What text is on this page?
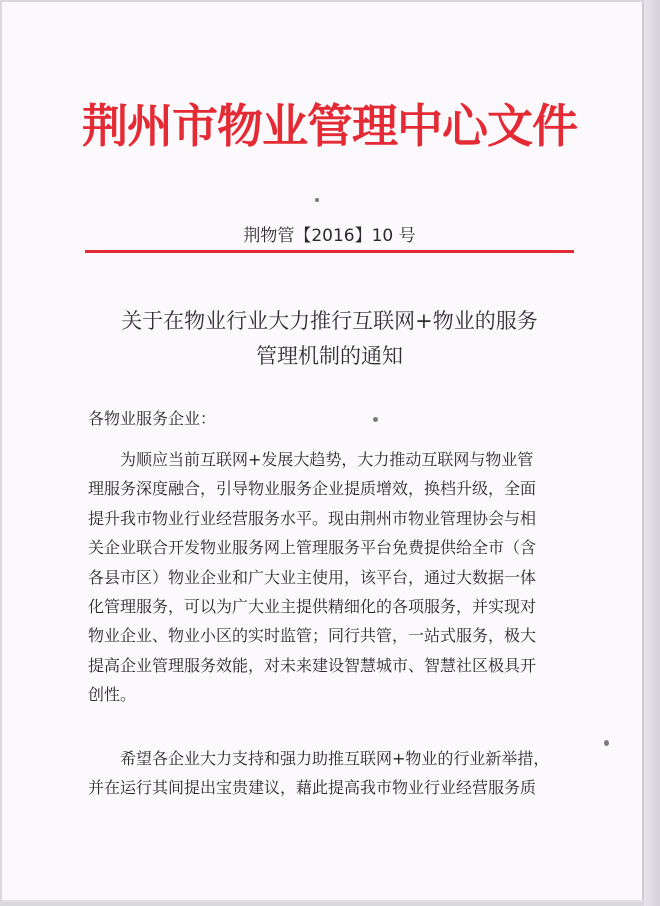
荆州市物业管理中心文件
荆物管【2016】10 号
关于在物业行业大力推行互联网+物业的服务
管理机制的通知
各物业服务企业：
为顺应当前互联网+发展大趋势，大力推动互联网与物业管
理服务深度融合，引导物业服务企业提质增效，换档升级，全面
提升我市物业行业经营服务水平。现由荆州市物业管理协会与相
关企业联合开发物业服务网上管理服务平台免费提供给全市（含
各县市区）物业企业和广大业主使用，该平台，通过大数据一体
化管理服务，可以为广大业主提供精细化的各项服务，并实现对
物业企业、物业小区的实时监管；同行共管，一站式服务，极大
提高企业管理服务效能，对未来建设智慧城市、智慧社区极具开
创性。
希望各企业大力支持和强力助推互联网+物业的行业新举措，
并在运行其间提出宝贵建议，藉此提高我市物业行业经营服务质
